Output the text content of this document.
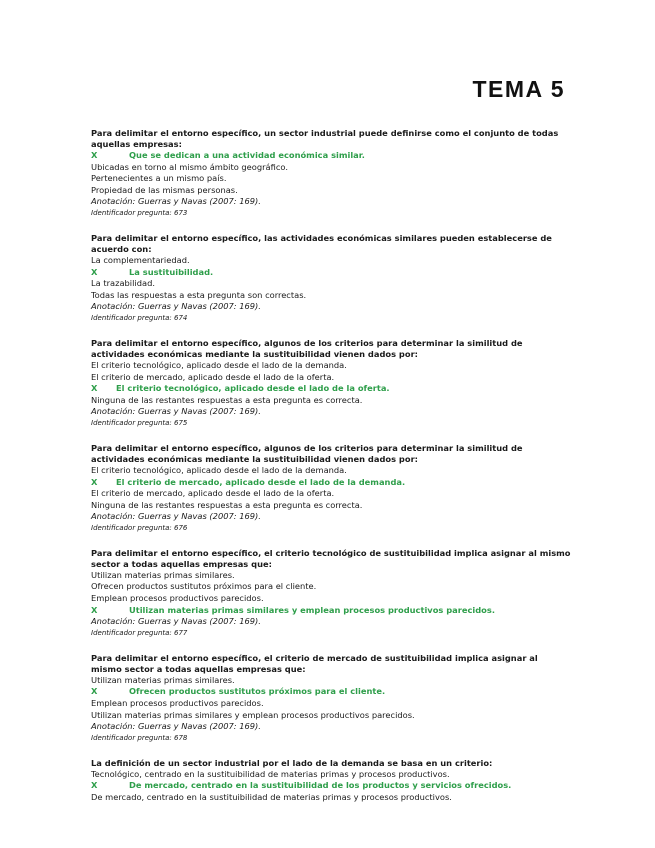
TEMA 5
Para delimitar el entorno específico, un sector industrial puede definirse como el conjunto de todas aquellas empresas:
X	Que se dedican a una actividad económica similar.
Ubicadas en torno al mismo ámbito geográfico.
Pertenecientes a un mismo país.
Propiedad de las mismas personas.
Anotación: Guerras y Navas (2007: 169).
Identificador pregunta: 673
Para delimitar el entorno específico, las actividades económicas similares pueden establecerse de acuerdo con:
La complementariedad.
X	La sustituibilidad.
La trazabilidad.
Todas las respuestas a esta pregunta son correctas.
Anotación: Guerras y Navas (2007: 169).
Identificador pregunta: 674
Para delimitar el entorno específico, algunos de los criterios para determinar la similitud de actividades económicas mediante la sustituibilidad vienen dados por:
El criterio tecnológico, aplicado desde el lado de la demanda.
El criterio de mercado, aplicado desde el lado de la oferta.
X El criterio tecnológico, aplicado desde el lado de la oferta.
Ninguna de las restantes respuestas a esta pregunta es correcta.
Anotación: Guerras y Navas (2007: 169).
Identificador pregunta: 675
Para delimitar el entorno específico, algunos de los criterios para determinar la similitud de actividades económicas mediante la sustituibilidad vienen dados por:
El criterio tecnológico, aplicado desde el lado de la demanda.
X El criterio de mercado, aplicado desde el lado de la demanda.
El criterio de mercado, aplicado desde el lado de la oferta.
Ninguna de las restantes respuestas a esta pregunta es correcta.
Anotación: Guerras y Navas (2007: 169).
Identificador pregunta: 676
Para delimitar el entorno específico, el criterio tecnológico de sustituibilidad implica asignar al mismo sector a todas aquellas empresas que:
Utilizan materias primas similares.
Ofrecen productos sustitutos próximos para el cliente.
Emplean procesos productivos parecidos.
X	Utilizan materias primas similares y emplean procesos productivos parecidos.
Anotación: Guerras y Navas (2007: 169).
Identificador pregunta: 677
Para delimitar el entorno específico, el criterio de mercado de sustituibilidad implica asignar al mismo sector a todas aquellas empresas que:
Utilizan materias primas similares.
X	Ofrecen productos sustitutos próximos para el cliente.
Emplean procesos productivos parecidos.
Utilizan materias primas similares y emplean procesos productivos parecidos.
Anotación: Guerras y Navas (2007: 169).
Identificador pregunta: 678
La definición de un sector industrial por el lado de la demanda se basa en un criterio:
Tecnológico, centrado en la sustituibilidad de materias primas y procesos productivos.
X	De mercado, centrado en la sustituibilidad de los productos y servicios ofrecidos.
De mercado, centrado en la sustituibilidad de materias primas y procesos productivos.
